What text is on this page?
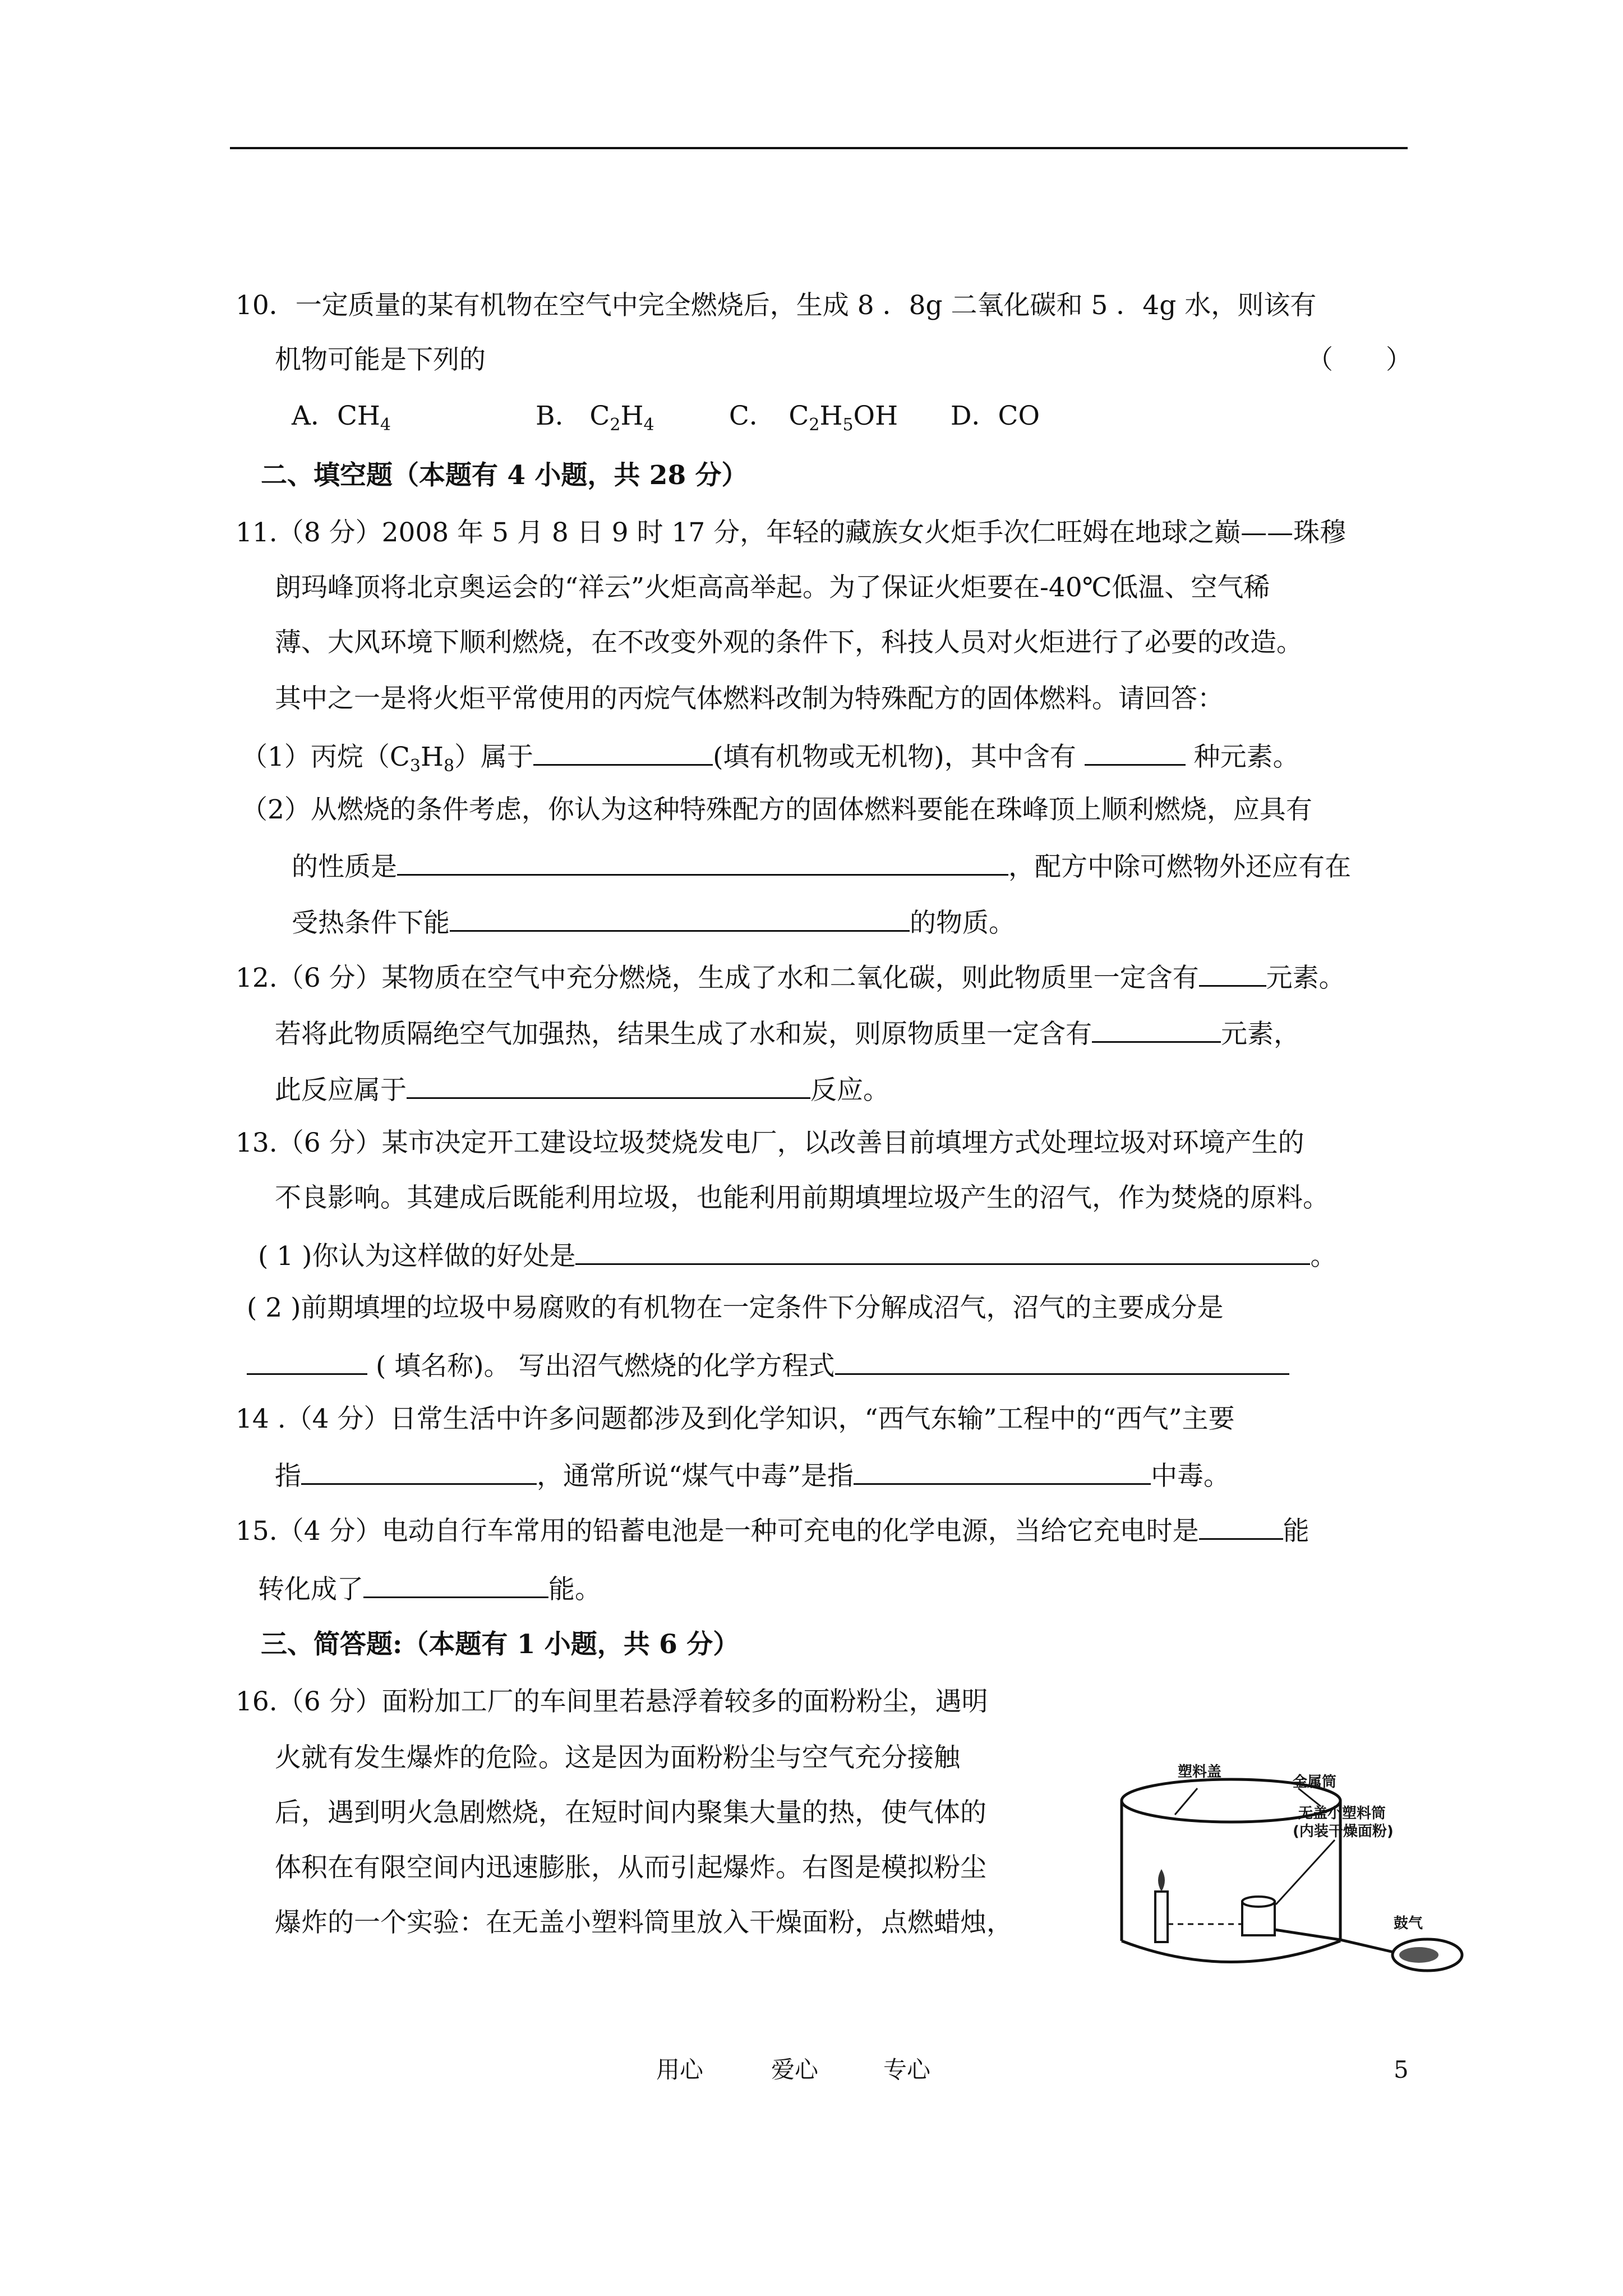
10．一定质量的某有机物在空气中完全燃烧后，生成 8 ．8g 二氧化碳和 5 ．4g 水，则该有
机物可能是下列的	（　　）
A．$CH_4$	B.　$C_2H_4$	C．　$C_2H_5OH$ D．CO
二、填空题（本题有 4 小题，共 28 分）
11.（8 分）2008 年 5 月 8 日 9 时 17 分，年轻的藏族女火炬手次仁旺姆在地球之巅——珠穆
朗玛峰顶将北京奥运会的“祥云”火炬高高举起。为了保证火炬要在-40℃低温、空气稀
薄、大风环境下顺利燃烧，在不改变外观的条件下，科技人员对火炬进行了必要的改造。
其中之一是将火炬平常使用的丙烷气体燃料改制为特殊配方的固体燃料。请回答：
（1）丙烷$(C_3H_8)$属于	(填有机物或无机物)，其中含有	种元素。
（2）从燃烧的条件考虑，你认为这种特殊配方的固体燃料要能在珠峰顶上顺利燃烧，应具有
的性质是	，配方中除可燃物外还应有在
受热条件下能	的物质。
12.（6 分）某物质在空气中充分燃烧，生成了水和二氧化碳，则此物质里一定含有	元素。
若将此物质隔绝空气加强热，结果生成了水和炭，则原物质里一定含有	元素，
此反应属于	反应。
13.（6 分）某市决定开工建设垃圾焚烧发电厂，以改善目前填埋方式处理垃圾对环境产生的
不良影响。其建成后既能利用垃圾，也能利用前期填埋垃圾产生的沼气，作为焚烧的原料。
( 1 )你认为这样做的好处是	。
( 2 )前期填埋的垃圾中易腐败的有机物在一定条件下分解成沼气，沼气的主要成分是
( 填名称)。 写出沼气燃烧的化学方程式
14 .（4 分）日常生活中许多问题都涉及到化学知识，“西气东输”工程中的“西气”主要
指	，通常所说“煤气中毒”是指	中毒。
15.（4 分）电动自行车常用的铅蓄电池是一种可充电的化学电源，当给它充电时是	能
转化成了	能。
三、简答题:（本题有 1 小题，共 6 分）
16.（6 分）面粉加工厂的车间里若悬浮着较多的面粉粉尘，遇明
火就有发生爆炸的危险。这是因为面粉粉尘与空气充分接触
后，遇到明火急剧燃烧，在短时间内聚集大量的热，使气体的
体积在有限空间内迅速膨胀，从而引起爆炸。右图是模拟粉尘
爆炸的一个实验：在无盖小塑料筒里放入干燥面粉，点燃蜡烛，
塑料盖
金属筒
无盖小塑料筒
(内装干燥面粉)
鼓气
用心	爱心	专心	5
